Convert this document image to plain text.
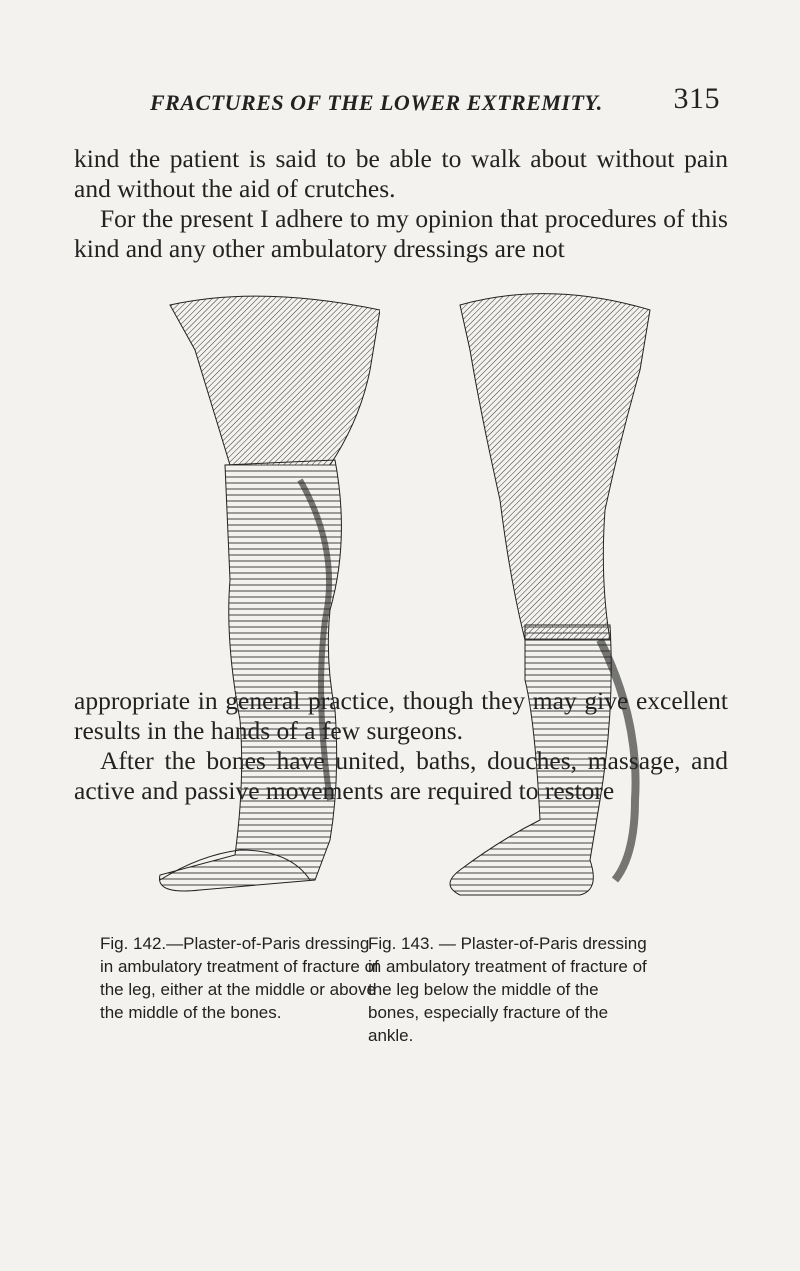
FRACTURES OF THE LOWER EXTREMITY. 315

kind the patient is said to be able to walk about without pain and without the aid of crutches.

For the present I adhere to my opinion that procedures of this kind and any other ambulatory dressings are not

Fig. 142.—Plaster-of-Paris dressing in ambulatory treatment of fracture of the leg, either at the middle or above the middle of the bones.
Fig. 143. — Plaster-of-Paris dressing in ambulatory treatment of fracture of the leg below the middle of the bones, especially fracture of the ankle.

appropriate in general practice, though they may give excellent results in the hands of a few surgeons.

After the bones have united, baths, douches, massage, and active and passive movements are required to restore
